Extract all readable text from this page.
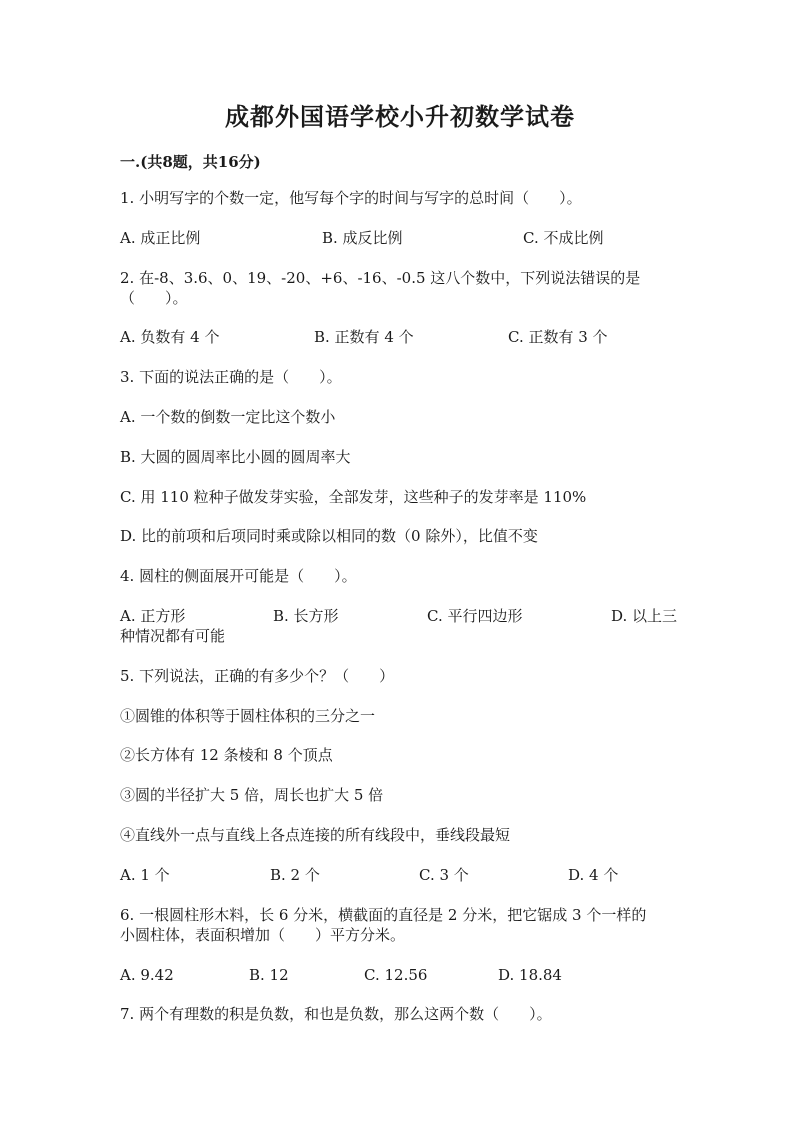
成都外国语学校小升初数学试卷
一.(共8题，共16分)
1. 小明写字的个数一定，他写每个字的时间与写字的总时间（　　）。
A. 成正比例	B. 成反比例	C. 不成比例
2. 在-8、3.6、0、19、-20、+6、-16、-0.5 这八个数中，下列说法错误的是
（　　）。
A. 负数有 4 个	B. 正数有 4 个	C. 正数有 3 个
3. 下面的说法正确的是（　　）。
A. 一个数的倒数一定比这个数小
B. 大圆的圆周率比小圆的圆周率大
C. 用 110 粒种子做发芽实验，全部发芽，这些种子的发芽率是 110%
D. 比的前项和后项同时乘或除以相同的数（0 除外），比值不变
4. 圆柱的侧面展开可能是（　　）。
A. 正方形	B. 长方形	C. 平行四边形	D. 以上三
种情况都有可能
5. 下列说法，正确的有多少个？（　　）
①圆锥的体积等于圆柱体积的三分之一
②长方体有 12 条棱和 8 个顶点
③圆的半径扩大 5 倍，周长也扩大 5 倍
④直线外一点与直线上各点连接的所有线段中，垂线段最短
A. 1 个	B. 2 个	C. 3 个	D. 4 个
6. 一根圆柱形木料，长 6 分米，横截面的直径是 2 分米，把它锯成 3 个一样的
小圆柱体，表面积增加（　　）平方分米。
A. 9.42	B. 12	C. 12.56	D. 18.84
7. 两个有理数的积是负数，和也是负数，那么这两个数（　　）。
